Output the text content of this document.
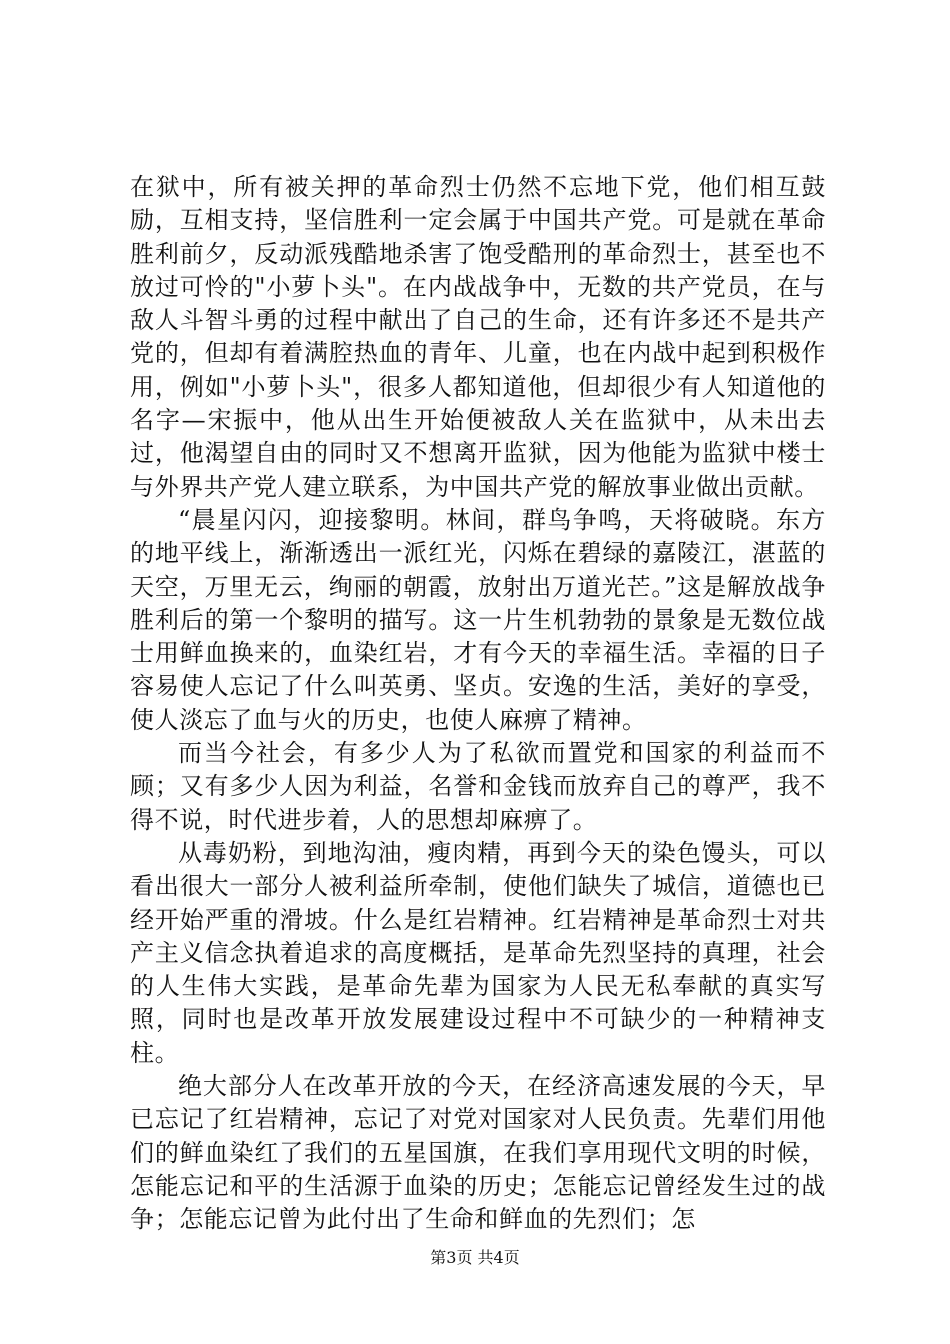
在狱中，所有被关押的革命烈士仍然不忘地下党，他们相互鼓励，互相支持，坚信胜利一定会属于中国共产党。可是就在革命胜利前夕，反动派残酷地杀害了饱受酷刑的革命烈士，甚至也不放过可怜的"小萝卜头"。在内战战争中，无数的共产党员，在与敌人斗智斗勇的过程中献出了自己的生命，还有许多还不是共产党的，但却有着满腔热血的青年、儿童，也在内战中起到积极作用，例如"小萝卜头"，很多人都知道他，但却很少有人知道他的名字—宋振中，他从出生开始便被敌人关在监狱中，从未出去过，他渴望自由的同时又不想离开监狱，因为他能为监狱中楼士与外界共产党人建立联系，为中国共产党的解放事业做出贡献。

“晨星闪闪，迎接黎明。林间，群鸟争鸣，天将破晓。东方的地平线上，渐渐透出一派红光，闪烁在碧绿的嘉陵江，湛蓝的天空，万里无云，绚丽的朝霞，放射出万道光芒。”这是解放战争胜利后的第一个黎明的描写。这一片生机勃勃的景象是无数位战士用鲜血换来的，血染红岩，才有今天的幸福生活。幸福的日子容易使人忘记了什么叫英勇、坚贞。安逸的生活，美好的享受，使人淡忘了血与火的历史，也使人麻痹了精神。

而当今社会，有多少人为了私欲而置党和国家的利益而不顾；又有多少人因为利益，名誉和金钱而放弃自己的尊严，我不得不说，时代进步着，人的思想却麻痹了。

从毒奶粉，到地沟油，瘦肉精，再到今天的染色馒头，可以看出很大一部分人被利益所牵制，使他们缺失了城信，道德也已经开始严重的滑坡。什么是红岩精神。红岩精神是革命烈士对共产主义信念执着追求的高度概括，是革命先烈坚持的真理，社会的人生伟大实践，是革命先辈为国家为人民无私奉献的真实写照，同时也是改革开放发展建设过程中不可缺少的一种精神支柱。

绝大部分人在改革开放的今天，在经济高速发展的今天，早已忘记了红岩精神，忘记了对党对国家对人民负责。先辈们用他们的鲜血染红了我们的五星国旗，在我们享用现代文明的时候，怎能忘记和平的生活源于血染的历史；怎能忘记曾经发生过的战争；怎能忘记曾为此付出了生命和鲜血的先烈们；怎

第3页 共4页
